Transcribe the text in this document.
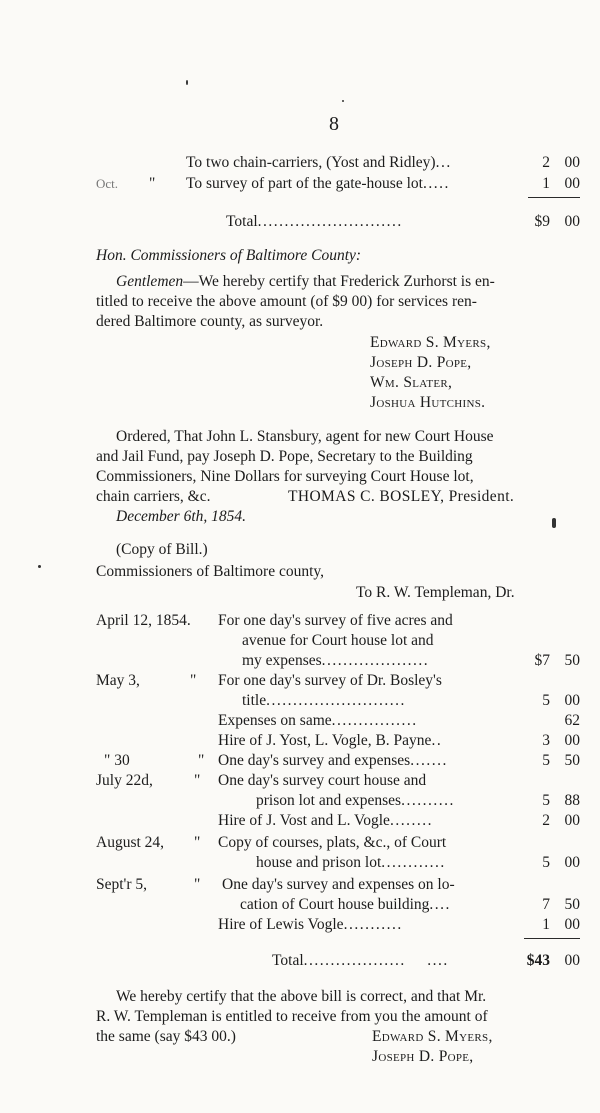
8
To two chain-carriers, (Yost and Ridley)...	2 00
Oct. " To survey of part of the gate-house lot.....	1 00
Total...........................	$9 00
Hon. Commissioners of Baltimore County:
Gentlemen—We hereby certify that Frederick Zurhorst is en-
titled to receive the above amount (of $9 00) for services ren-
dered Baltimore county, as surveyor.
Edward S. Myers,
Joseph D. Pope,
Wm. Slater,
Joshua Hutchins.
Ordered, That John L. Stansbury, agent for new Court House
and Jail Fund, pay Joseph D. Pope, Secretary to the Building
Commissioners, Nine Dollars for surveying Court House lot,
chain carriers, &c.	THOMAS C. BOSLEY, President.
December 6th, 1854.
(Copy of Bill.)
Commissioners of Baltimore county,
To R. W. Templeman, Dr.
April 12, 1854. For one day's survey of five acres and
avenue for Court house lot and
my expenses....................	$7 50
May 3,	" For one day's survey of Dr. Bosley's
title..........................	5 00
Expenses on same................	62
Hire of J. Yost, L. Vogle, B. Payne..	3 00
" 30	" One day's survey and expenses.......	5 50
July 22d,	" One day's survey court house and
prison lot and expenses..........	5 88
Hire of J. Vost and L. Vogle........	2 00
August 24, " Copy of courses, plats, &c., of Court
house and prison lot............	5 00
Sept'r 5,	" One day's survey and expenses on lo-
cation of Court house building....	7 50
Hire of Lewis Vogle...........	1 00
Total...................    ....	$43 00
We hereby certify that the above bill is correct, and that Mr.
R. W. Templeman is entitled to receive from you the amount of
the same (say $43 00.)	Edward S. Myers,
Joseph D. Pope,
